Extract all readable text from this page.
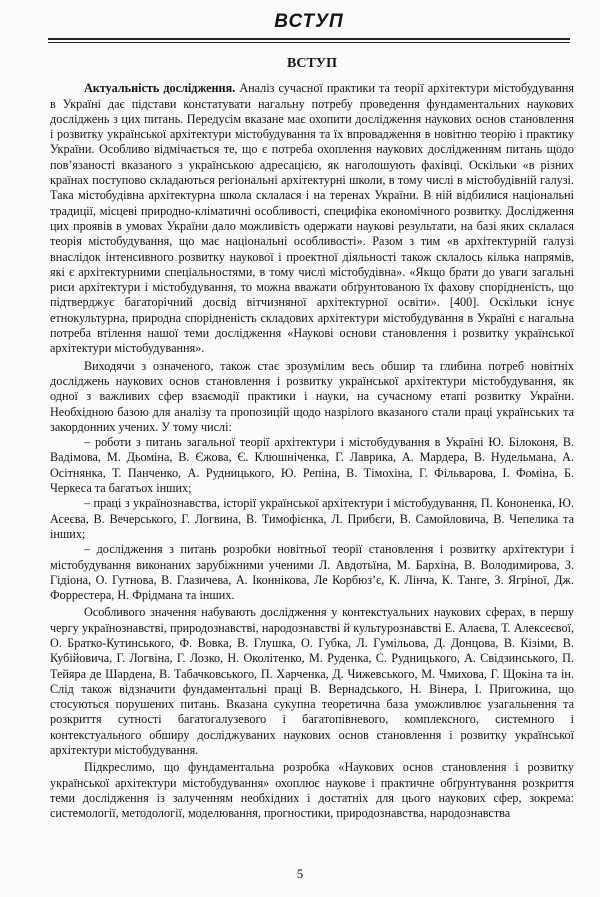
ВСТУП
ВСТУП

Актуальність дослідження. Аналіз сучасної практики та теорії архітектури містобудування в Україні дає підстави констатувати нагальну потребу проведення фундаментальних наукових досліджень з цих питань. Передусім вказане має охопити дослідження наукових основ становлення і розвитку української архітектури містобудування та їх впровадження в новітню теорію і практику України. Особливо відмічається те, що є потреба охоплення наукових дослідженням питань щодо пов’язаності вказаного з українською адресацією, як наголошують фахівці. Оскільки «в різних країнах поступово складаються регіональні архітектурні школи, в тому числі в містобудівній галузі. Така містобудівна архітектурна школа склалася і на теренах України. В ній відбилися національні традиції, місцеві природно-кліматичні особливості, специфіка економічного розвитку. Дослідження цих проявів в умовах України дало можливість одержати наукові результати, на базі яких склалася теорія містобудування, що має національні особливості». Разом з тим «в архітектурній галузі внаслідок інтенсивного розвитку наукової і проектної діяльності також склалось кілька напрямів, які є архітектурними спеціальностями, в тому числі містобудівна». «Якщо брати до уваги загальні риси архітектури і містобудування, то можна вважати обґрунтованою їх фахову спорідненість, що підтверджує багаторічний досвід вітчизняної архітектурної освіти». [400]. Оскільки існує етнокультурна, природна спорідненість складових архітектури містобудування в Україні є нагальна потреба втілення нашої теми дослідження «Наукові основи становлення і розвитку української архітектури містобудування».

Виходячи з означеного, також стає зрозумілим весь обшир та глибина потреб новітніх досліджень наукових основ становлення і розвитку української архітектури містобудування, як одної з важливих сфер взаємодії практики і науки, на сучасному етапі розвитку України. Необхідною базою для аналізу та пропозицій щодо назрілого вказаного стали праці українських та закордонних учених. У тому числі:

– роботи з питань загальної теорії архітектури і містобудування в Україні Ю. Білоконя, В. Вадімова, М. Дьоміна, В. Єжова, Є. Клюшніченка, Г. Лаврика, А. Мардера, В. Нудельмана, А. Осітнянка, Т. Панченко, А. Рудницького, Ю. Репіна, В. Тімохіна, Г. Фільварова, І. Фоміна, Б. Черкеса та багатьох інших;

– праці з українознавства, історії української архітектури і містобудування, П. Кононенка, Ю. Асеєва, В. Вечерського, Г. Логвина, В. Тимофієнка, Л. Прибєги, В. Самойловича, В. Чепелика та інших;

– дослідження з питань розробки новітньої теорії становлення і розвитку архітектури і містобудування виконаних зарубіжними ученими Л. Авдотьїна, М. Бархіна, В. Володимирова, З. Гідіона, О. Гутнова, В. Глазичева, А. Іконнікова, Ле Корбюз’є, К. Лінча, К. Танге, З. Ягріної, Дж. Форрестера, Н. Фрідмана та інших.

Особливого значення набувають дослідження у контекстуальних наукових сферах, в першу чергу українознавстві, природознавстві, народознавстві й культурознавстві Е. Алаєва, Т. Алексеєвої, О. Братко-Кутинського, Ф. Вовка, В. Глушка, О. Губка, Л. Гумільова, Д. Донцова, В. Кізіми, В. Кубійовича, Г. Логвіна, Г. Лозко, Н. Околітенко, М. Руденка, С. Рудницького, А. Свідзинського, П. Тейяра де Шардена, В. Табачковського, П. Харченка, Д. Чижевського, М. Чмихова, Г. Щокіна та ін. Слід також відзначити фундаментальні праці В. Вернадського, Н. Вінера, І. Пригожина, що стосуються порушених питань. Вказана сукупна теоретична база уможливлює узагальнення та розкриття сутності багатогалузевого і багатопівневого, комплексного, системного і контекстуального обширу досліджуваних наукових основ становлення і розвитку української архітектури містобудування.

Підкреслимо, що фундаментальна розробка «Наукових основ становлення і розвитку української архітектури містобудування» охоплює наукове і практичне обґрунтування розкриття теми дослідження із залученням необхідних і достатніх для цього наукових сфер, зокрема: системології, методології, моделювання, прогностики, природознавства, народознавства

5
